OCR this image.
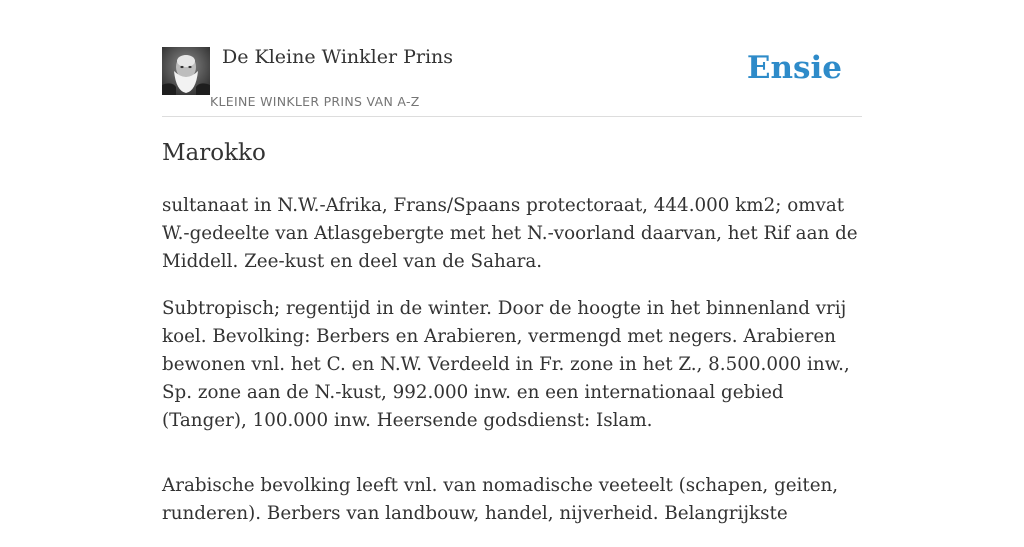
De Kleine Winkler Prins
KLEINE WINKLER PRINS VAN A-Z
Ensie
Marokko

sultanaat in N.W.-Afrika, Frans/Spaans protectoraat, 444.000 km2; omvat W.-gedeelte van Atlasgebergte met het N.-voorland daarvan, het Rif aan de Middell. Zee-kust en deel van de Sahara.

Subtropisch; regentijd in de winter. Door de hoogte in het binnenland vrij koel. Bevolking: Berbers en Arabieren, vermengd met negers. Arabieren bewonen vnl. het C. en N.W. Verdeeld in Fr. zone in het Z., 8.500.000 inw., Sp. zone aan de N.-kust, 992.000 inw. en een internationaal gebied (Tanger), 100.000 inw. Heersende godsdienst: Islam.

Arabische bevolking leeft vnl. van nomadische veeteelt (schapen, geiten, runderen). Berbers van landbouw, handel, nijverheid. Belangrijkste
